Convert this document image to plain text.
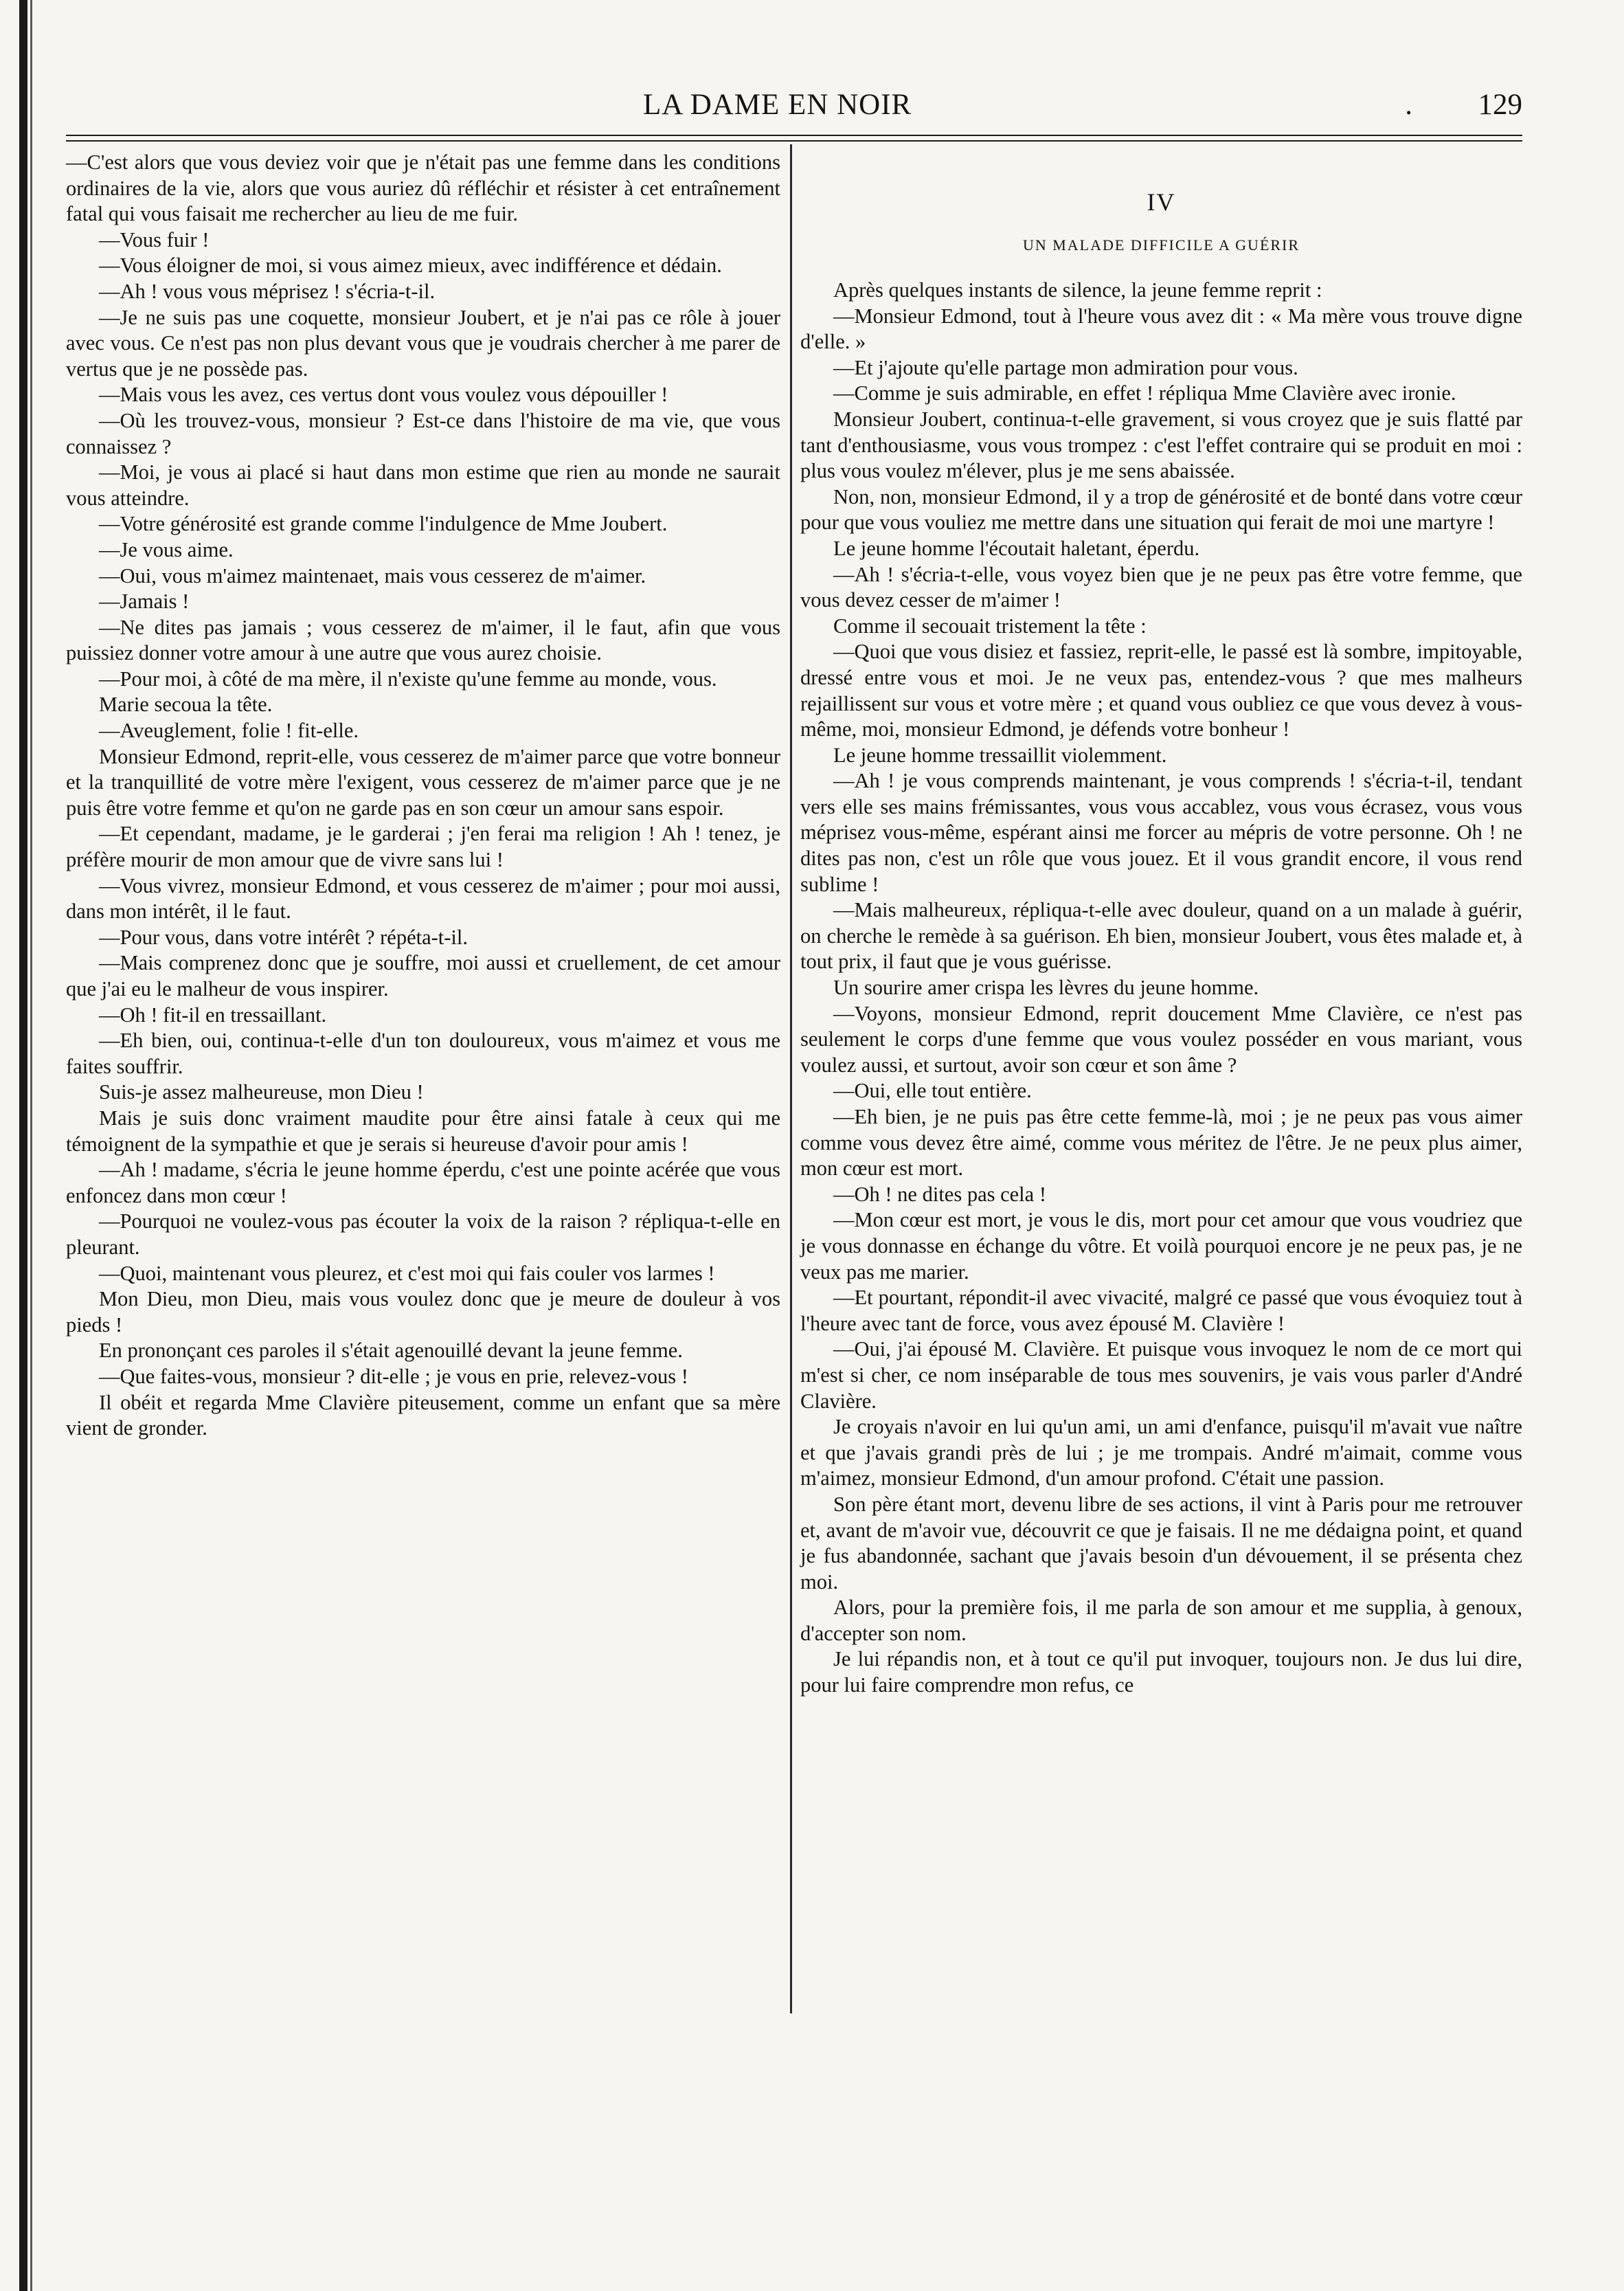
LA DAME EN NOIR	. 129

—C'est alors que vous deviez voir que je n'était pas une femme dans les conditions ordinaires de la vie, alors que vous auriez dû réfléchir et résister à cet entraînement fatal qui vous faisait me rechercher au lieu de me fuir.

—Vous fuir !

—Vous éloigner de moi, si vous aimez mieux, avec indifférence et dédain.

—Ah ! vous vous méprisez ! s'écria-t-il.

—Je ne suis pas une coquette, monsieur Joubert, et je n'ai pas ce rôle à jouer avec vous. Ce n'est pas non plus devant vous que je voudrais chercher à me parer de vertus que je ne possède pas.

—Mais vous les avez, ces vertus dont vous voulez vous dépouiller !

—Où les trouvez-vous, monsieur ? Est-ce dans l'histoire de ma vie, que vous connaissez ?

—Moi, je vous ai placé si haut dans mon estime que rien au monde ne saurait vous atteindre.

—Votre générosité est grande comme l'indulgence de Mme Joubert.

—Je vous aime.

—Oui, vous m'aimez maintenaet, mais vous cesserez de m'aimer.

—Jamais !

—Ne dites pas jamais ; vous cesserez de m'aimer, il le faut, afin que vous puissiez donner votre amour à une autre que vous aurez choisie.

—Pour moi, à côté de ma mère, il n'existe qu'une femme au monde, vous.

Marie secoua la tête.

—Aveuglement, folie ! fit-elle.

Monsieur Edmond, reprit-elle, vous cesserez de m'aimer parce que votre bonneur et la tranquillité de votre mère l'exigent, vous cesserez de m'aimer parce que je ne puis être votre femme et qu'on ne garde pas en son cœur un amour sans espoir.

—Et cependant, madame, je le garderai ; j'en ferai ma religion ! Ah ! tenez, je préfère mourir de mon amour que de vivre sans lui !

—Vous vivrez, monsieur Edmond, et vous cesserez de m'aimer ; pour moi aussi, dans mon intérêt, il le faut.

—Pour vous, dans votre intérêt ? répéta-t-il.

—Mais comprenez donc que je souffre, moi aussi et cruellement, de cet amour que j'ai eu le malheur de vous inspirer.

—Oh ! fit-il en tressaillant.

—Eh bien, oui, continua-t-elle d'un ton douloureux, vous m'aimez et vous me faites souffrir.

Suis-je assez malheureuse, mon Dieu !

Mais je suis donc vraiment maudite pour être ainsi fatale à ceux qui me témoignent de la sympathie et que je serais si heureuse d'avoir pour amis !

—Ah ! madame, s'écria le jeune homme éperdu, c'est une pointe acérée que vous enfoncez dans mon cœur !

—Pourquoi ne voulez-vous pas écouter la voix de la raison ? répliqua-t-elle en pleurant.

—Quoi, maintenant vous pleurez, et c'est moi qui fais couler vos larmes !

Mon Dieu, mon Dieu, mais vous voulez donc que je meure de douleur à vos pieds !

En prononçant ces paroles il s'était agenouillé devant la jeune femme.

—Que faites-vous, monsieur ? dit-elle ; je vous en prie, relevez-vous !

Il obéit et regarda Mme Clavière piteusement, comme un enfant que sa mère vient de gronder.

IV
UN MALADE DIFFICILE A GUÉRIR

Après quelques instants de silence, la jeune femme reprit :

—Monsieur Edmond, tout à l'heure vous avez dit : « Ma mère vous trouve digne d'elle. »

—Et j'ajoute qu'elle partage mon admiration pour vous.

—Comme je suis admirable, en effet ! répliqua Mme Clavière avec ironie.

Monsieur Joubert, continua-t-elle gravement, si vous croyez que je suis flatté par tant d'enthousiasme, vous vous trompez : c'est l'effet contraire qui se produit en moi : plus vous voulez m'élever, plus je me sens abaissée.

Non, non, monsieur Edmond, il y a trop de générosité et de bonté dans votre cœur pour que vous vouliez me mettre dans une situation qui ferait de moi une martyre !

Le jeune homme l'écoutait haletant, éperdu.

—Ah ! s'écria-t-elle, vous voyez bien que je ne peux pas être votre femme, que vous devez cesser de m'aimer !

Comme il secouait tristement la tête :

—Quoi que vous disiez et fassiez, reprit-elle, le passé est là sombre, impitoyable, dressé entre vous et moi. Je ne veux pas, entendez-vous ? que mes malheurs rejaillissent sur vous et votre mère ; et quand vous oubliez ce que vous devez à vous-même, moi, monsieur Edmond, je défends votre bonheur !

Le jeune homme tressaillit violemment.

—Ah ! je vous comprends maintenant, je vous comprends ! s'écria-t-il, tendant vers elle ses mains frémissantes, vous vous accablez, vous vous écrasez, vous vous méprisez vous-même, espérant ainsi me forcer au mépris de votre personne. Oh ! ne dites pas non, c'est un rôle que vous jouez. Et il vous grandit encore, il vous rend sublime !

—Mais malheureux, répliqua-t-elle avec douleur, quand on a un malade à guérir, on cherche le remède à sa guérison. Eh bien, monsieur Joubert, vous êtes malade et, à tout prix, il faut que je vous guérisse.

Un sourire amer crispa les lèvres du jeune homme.

—Voyons, monsieur Edmond, reprit doucement Mme Clavière, ce n'est pas seulement le corps d'une femme que vous voulez posséder en vous mariant, vous voulez aussi, et surtout, avoir son cœur et son âme ?

—Oui, elle tout entière.

—Eh bien, je ne puis pas être cette femme-là, moi ; je ne peux pas vous aimer comme vous devez être aimé, comme vous méritez de l'être. Je ne peux plus aimer, mon cœur est mort.

—Oh ! ne dites pas cela !

—Mon cœur est mort, je vous le dis, mort pour cet amour que vous voudriez que je vous donnasse en échange du vôtre. Et voilà pourquoi encore je ne peux pas, je ne veux pas me marier.

—Et pourtant, répondit-il avec vivacité, malgré ce passé que vous évoquiez tout à l'heure avec tant de force, vous avez épousé M. Clavière !

—Oui, j'ai épousé M. Clavière. Et puisque vous invoquez le nom de ce mort qui m'est si cher, ce nom inséparable de tous mes souvenirs, je vais vous parler d'André Clavière.

Je croyais n'avoir en lui qu'un ami, un ami d'enfance, puisqu'il m'avait vue naître et que j'avais grandi près de lui ; je me trompais. André m'aimait, comme vous m'aimez, monsieur Edmond, d'un amour profond. C'était une passion.

Son père étant mort, devenu libre de ses actions, il vint à Paris pour me retrouver et, avant de m'avoir vue, découvrit ce que je faisais. Il ne me dédaigna point, et quand je fus abandonnée, sachant que j'avais besoin d'un dévouement, il se présenta chez moi.

Alors, pour la première fois, il me parla de son amour et me supplia, à genoux, d'accepter son nom.

Je lui répandis non, et à tout ce qu'il put invoquer, toujours non. Je dus lui dire, pour lui faire comprendre mon refus, ce
